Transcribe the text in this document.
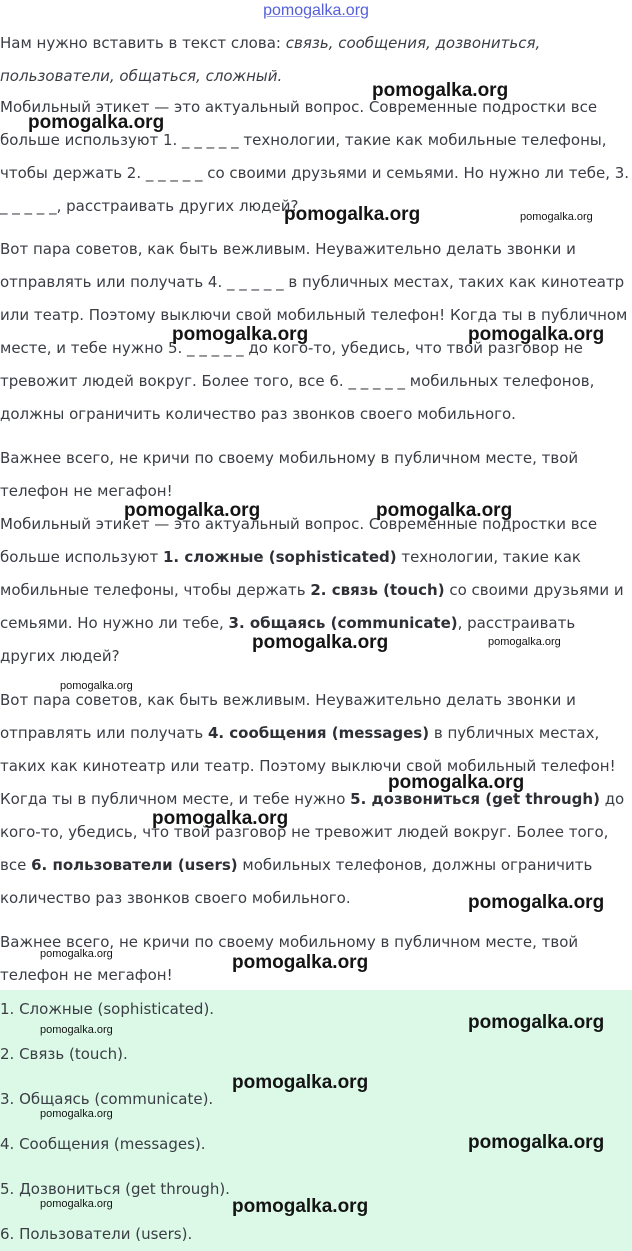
pomogalka.org

Нам нужно вставить в текст слова: связь, сообщения, дозвониться, пользователи, общаться, сложный.

Мобильный этикет — это актуальный вопрос. Современные подростки все больше используют 1. _ _ _ _ _ технологии, такие как мобильные телефоны, чтобы держать 2. _ _ _ _ _ со своими друзьями и семьями. Но нужно ли тебе, 3. _ _ _ _ _, расстраивать других людей?

Вот пара советов, как быть вежливым. Неуважительно делать звонки и отправлять или получать 4. _ _ _ _ _ в публичных местах, таких как кинотеатр или театр. Поэтому выключи свой мобильный телефон! Когда ты в публичном месте, и тебе нужно 5. _ _ _ _ _ до кого-то, убедись, что твой разговор не тревожит людей вокруг. Более того, все 6. _ _ _ _ _ мобильных телефонов, должны ограничить количество раз звонков своего мобильного.

Важнее всего, не кричи по своему мобильному в публичном месте, твой телефон не мегафон!

Мобильный этикет — это актуальный вопрос. Современные подростки все больше используют 1. сложные (sophisticated) технологии, такие как мобильные телефоны, чтобы держать 2. связь (touch) со своими друзьями и семьями. Но нужно ли тебе, 3. общаясь (communicate), расстраивать других людей?

Вот пара советов, как быть вежливым. Неуважительно делать звонки и отправлять или получать 4. сообщения (messages) в публичных местах, таких как кинотеатр или театр. Поэтому выключи свой мобильный телефон! Когда ты в публичном месте, и тебе нужно 5. дозвониться (get through) до кого-то, убедись, что твой разговор не тревожит людей вокруг. Более того, все 6. пользователи (users) мобильных телефонов, должны ограничить количество раз звонков своего мобильного.

Важнее всего, не кричи по своему мобильному в публичном месте, твой телефон не мегафон!

1. Сложные (sophisticated).

2. Связь (touch).

3. Общаясь (communicate).

4. Сообщения (messages).

5. Дозвониться (get through).

6. Пользователи (users).

pomogalka.org
pomogalka.org
pomogalka.org	pomogalka.org
pomogalka.org	pomogalka.org
pomogalka.org	pomogalka.org
pomogalka.org	pomogalka.org
pomogalka.org
pomogalka.org
pomogalka.org
pomogalka.org
pomogalka.org	pomogalka.org
pomogalka.org
pomogalka.org
pomogalka.org
pomogalka.org
pomogalka.org
pomogalka.org	pomogalka.org
